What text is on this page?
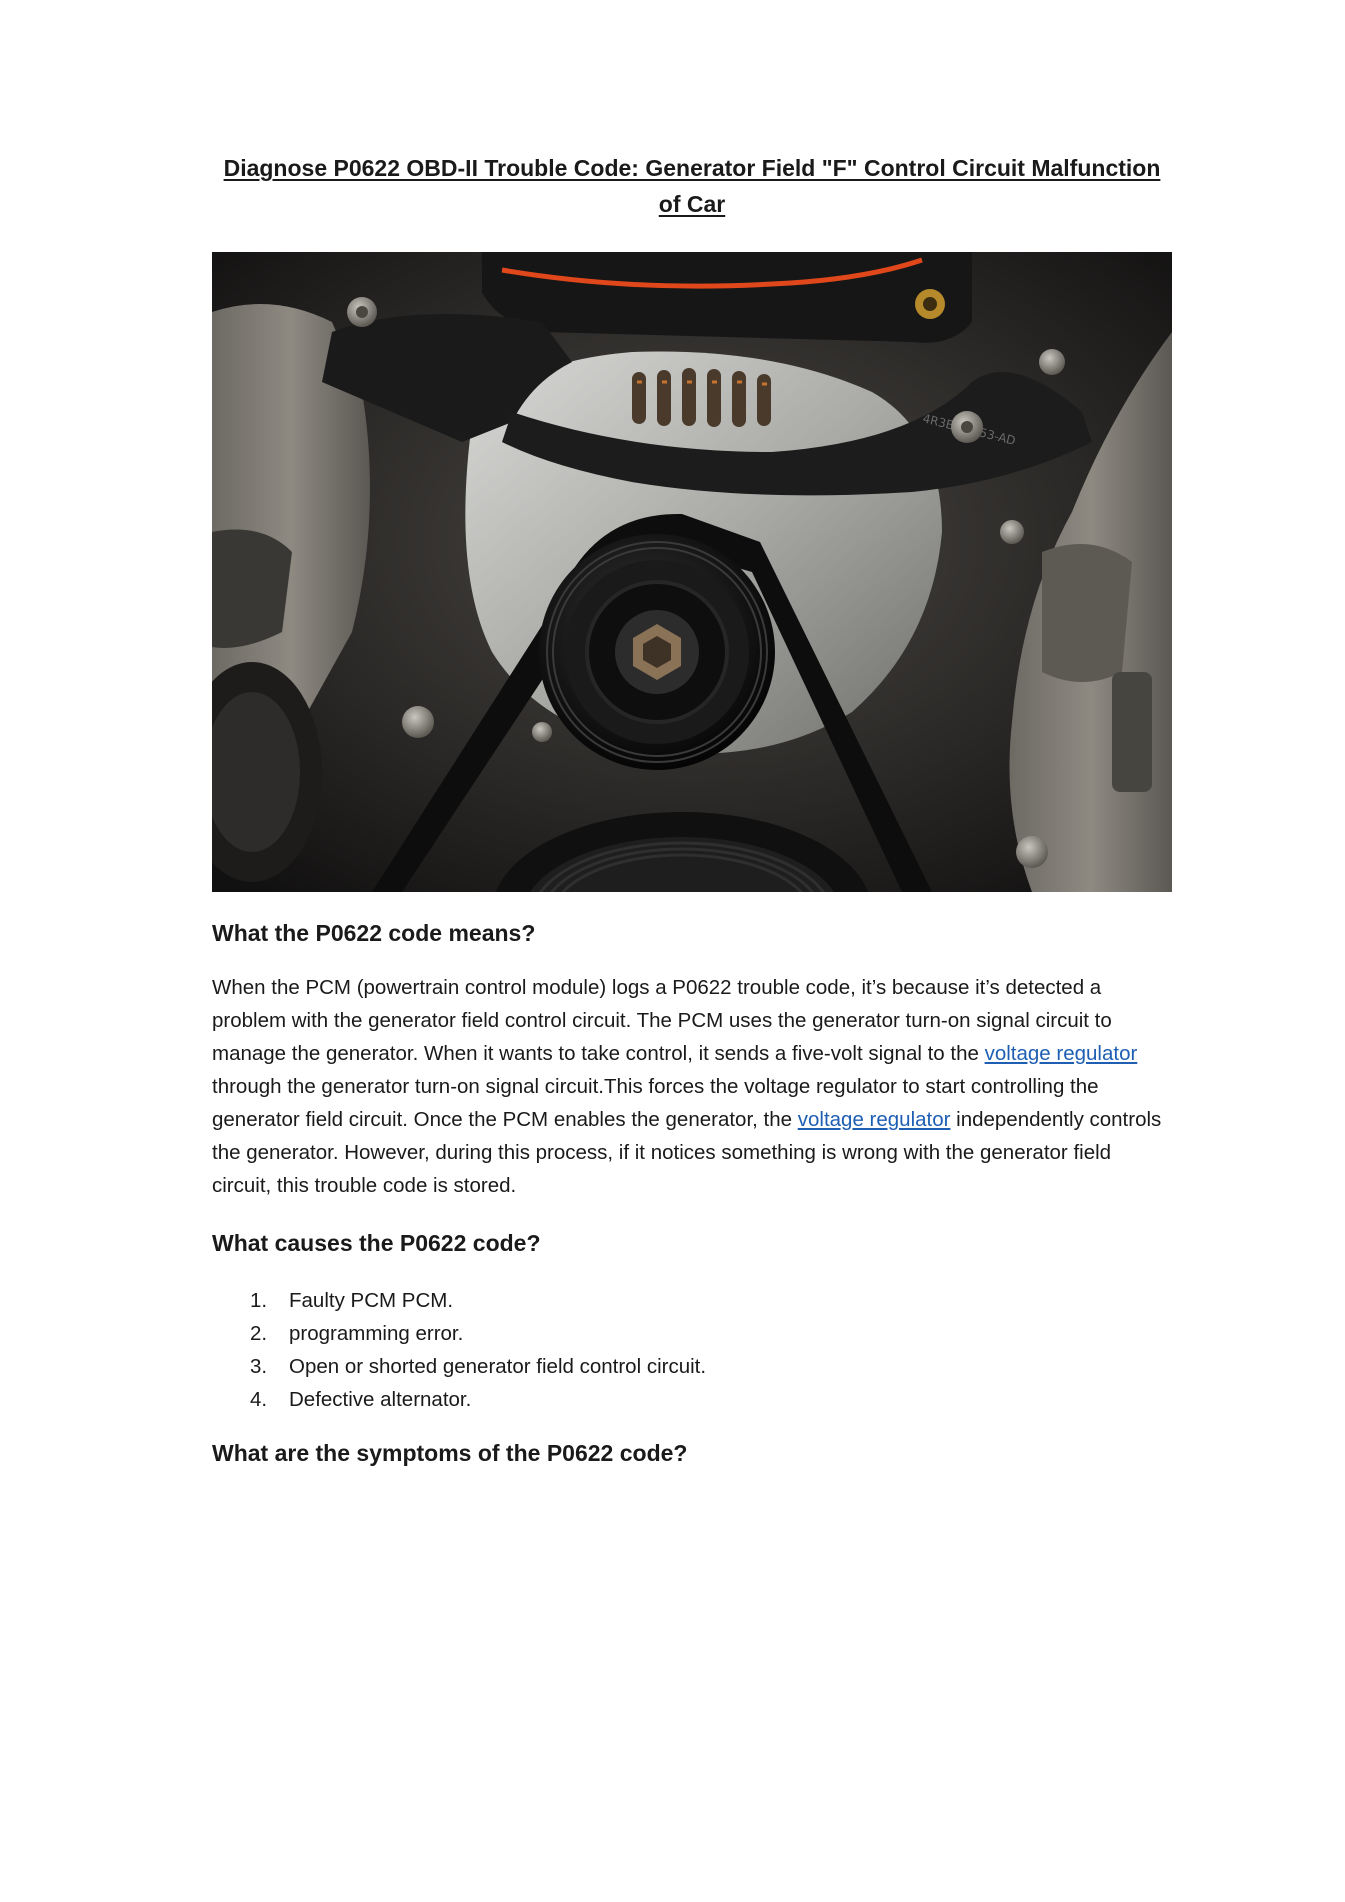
Diagnose P0622 OBD-II Trouble Code: Generator Field "F" Control Circuit Malfunction of Car
What the P0622 code means?

When the PCM (powertrain control module) logs a P0622 trouble code, it’s because it’s detected a problem with the generator field control circuit. The PCM uses the generator turn-on signal circuit to manage the generator. When it wants to take control, it sends a five-volt signal to the voltage regulator through the generator turn-on signal circuit.This forces the voltage regulator to start controlling the generator field circuit. Once the PCM enables the generator, the voltage regulator independently controls the generator. However, during this process, if it notices something is wrong with the generator field circuit, this trouble code is stored.

What causes the P0622 code?
1. Faulty PCM PCM.
2. programming error.
3. Open or shorted generator field control circuit.
4. Defective alternator.
What are the symptoms of the P0622 code?
